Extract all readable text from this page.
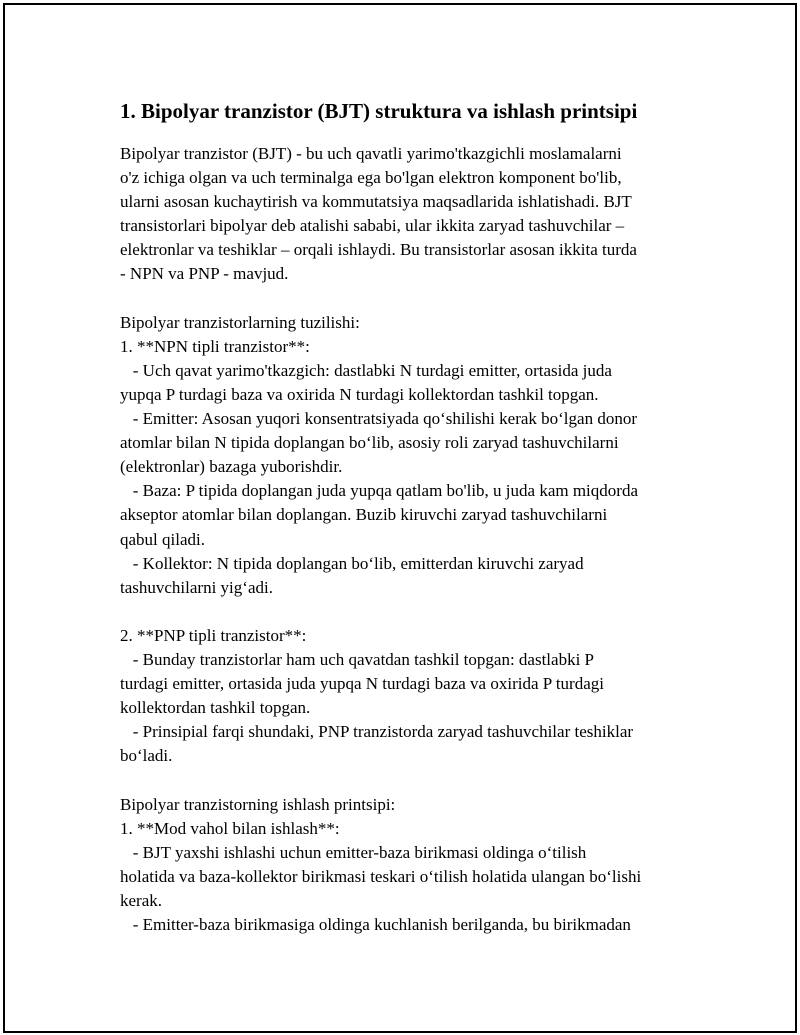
1. Bipolyar tranzistor (BJT) struktura va ishlash printsipi

Bipolyar tranzistor (BJT) - bu uch qavatli yarimo'tkazgichli moslamalarni
o'z ichiga olgan va uch terminalga ega bo'lgan elektron komponent bo'lib,
ularni asosan kuchaytirish va kommutatsiya maqsadlarida ishlatishadi. BJT
transistorlari bipolyar deb atalishi sababi, ular ikkita zaryad tashuvchilar –
elektronlar va teshiklar – orqali ishlaydi. Bu transistorlar asosan ikkita turda
- NPN va PNP - mavjud.

Bipolyar tranzistorlarning tuzilishi:
1. **NPN tipli tranzistor**:
- Uch qavat yarimo'tkazgich: dastlabki N turdagi emitter, ortasida juda
yupqa P turdagi baza va oxirida N turdagi kollektordan tashkil topgan.
- Emitter: Asosan yuqori konsentratsiyada qo‘shilishi kerak bo‘lgan donor
atomlar bilan N tipida doplangan bo‘lib, asosiy roli zaryad tashuvchilarni
(elektronlar) bazaga yuborishdir.
- Baza: P tipida doplangan juda yupqa qatlam bo'lib, u juda kam miqdorda
akseptor atomlar bilan doplangan. Buzib kiruvchi zaryad tashuvchilarni
qabul qiladi.
- Kollektor: N tipida doplangan bo‘lib, emitterdan kiruvchi zaryad
tashuvchilarni yig‘adi.

2. **PNP tipli tranzistor**:
- Bunday tranzistorlar ham uch qavatdan tashkil topgan: dastlabki P
turdagi emitter, ortasida juda yupqa N turdagi baza va oxirida P turdagi
kollektordan tashkil topgan.
- Prinsipial farqi shundaki, PNP tranzistorda zaryad tashuvchilar teshiklar
bo‘ladi.

Bipolyar tranzistorning ishlash printsipi:
1. **Mod vahol bilan ishlash**:
- BJT yaxshi ishlashi uchun emitter-baza birikmasi oldinga o‘tilish
holatida va baza-kollektor birikmasi teskari o‘tilish holatida ulangan bo‘lishi
kerak.
- Emitter-baza birikmasiga oldinga kuchlanish berilganda, bu birikmadan
